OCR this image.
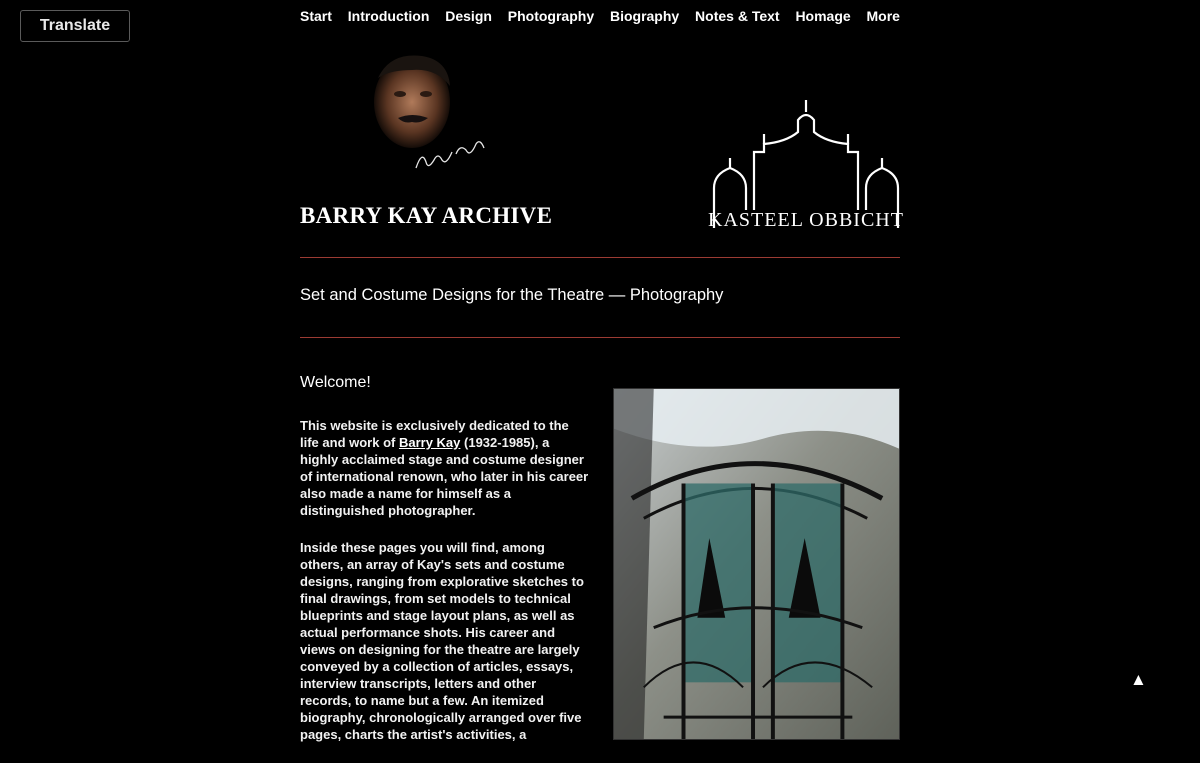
Translate
Start Introduction Design Photography Biography Notes & Text Homage More
BARRY KAY ARCHIVE	KASTEEL OBBICHT

Set and Costume Designs for the Theatre — Photography

Welcome!

This website is exclusively dedicated to the life and work of Barry Kay (1932-1985), a highly acclaimed stage and costume designer of international renown, who later in his career also made a name for himself as a distinguished photographer.

Inside these pages you will find, among others, an array of Kay's sets and costume designs, ranging from explorative sketches to final drawings, from set models to technical blueprints and stage layout plans, as well as actual performance shots. His career and views on designing for the theatre are largely conveyed by a collection of articles, essays, interview transcripts, letters and other records, to name but a few. An itemized biography, chronologically arranged over five pages, charts the artist's activities, a

▲
